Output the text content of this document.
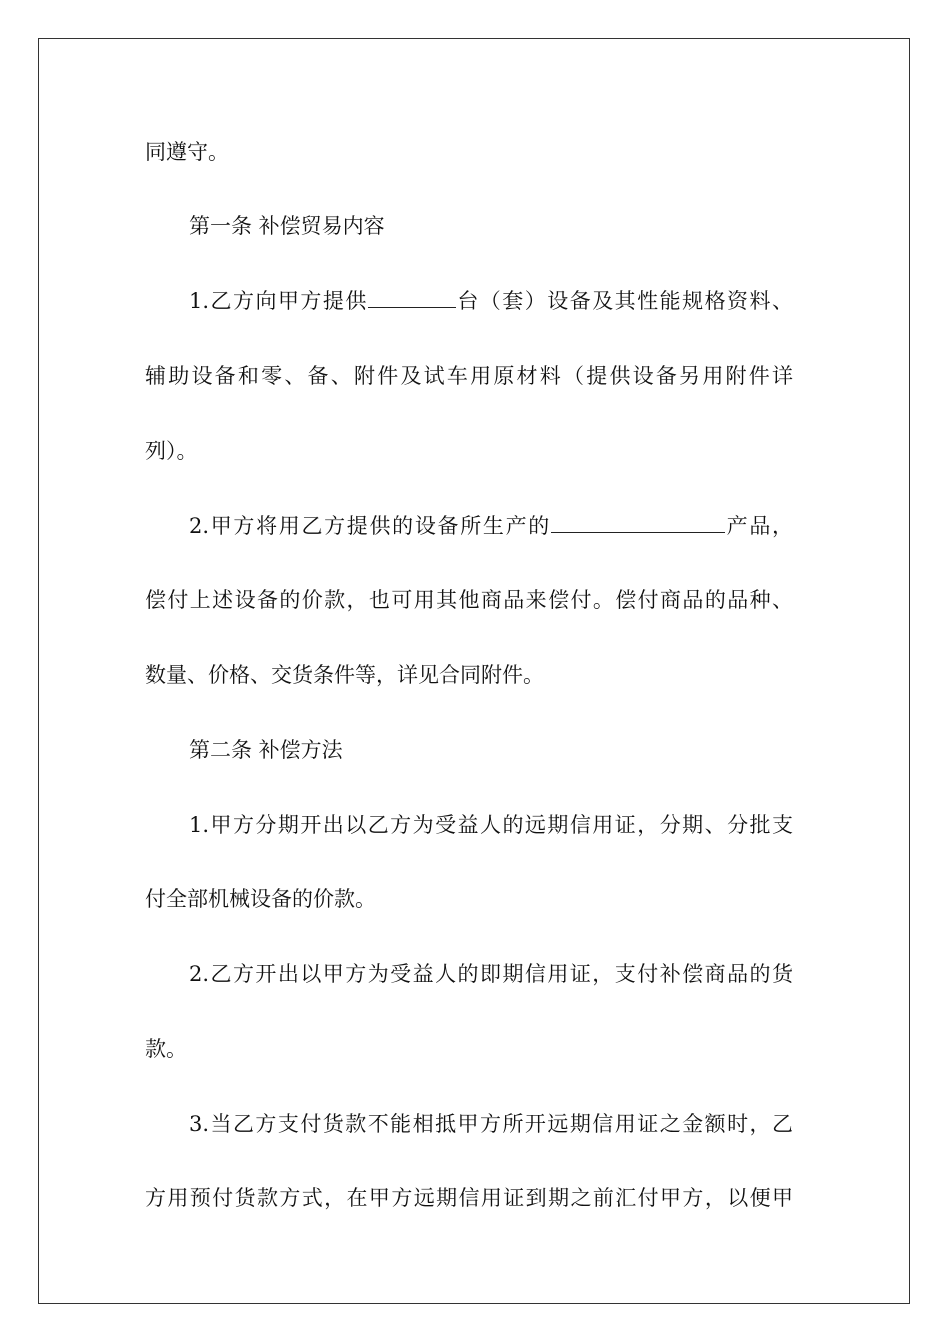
同遵守。
第一条 补偿贸易内容
1.乙方向甲方提供	台（套）设备及其性能规格资料、
辅助设备和零、备、附件及试车用原材料（提供设备另用附件详
列）。
2.甲方将用乙方提供的设备所生产的	产品，
偿付上述设备的价款，也可用其他商品来偿付。偿付商品的品种、
数量、价格、交货条件等，详见合同附件。
第二条 补偿方法
1.甲方分期开出以乙方为受益人的远期信用证，分期、分批支
付全部机械设备的价款。
2.乙方开出以甲方为受益人的即期信用证，支付补偿商品的货
款。
3.当乙方支付货款不能相抵甲方所开远期信用证之金额时，乙
方用预付货款方式，在甲方远期信用证到期之前汇付甲方，以便甲
